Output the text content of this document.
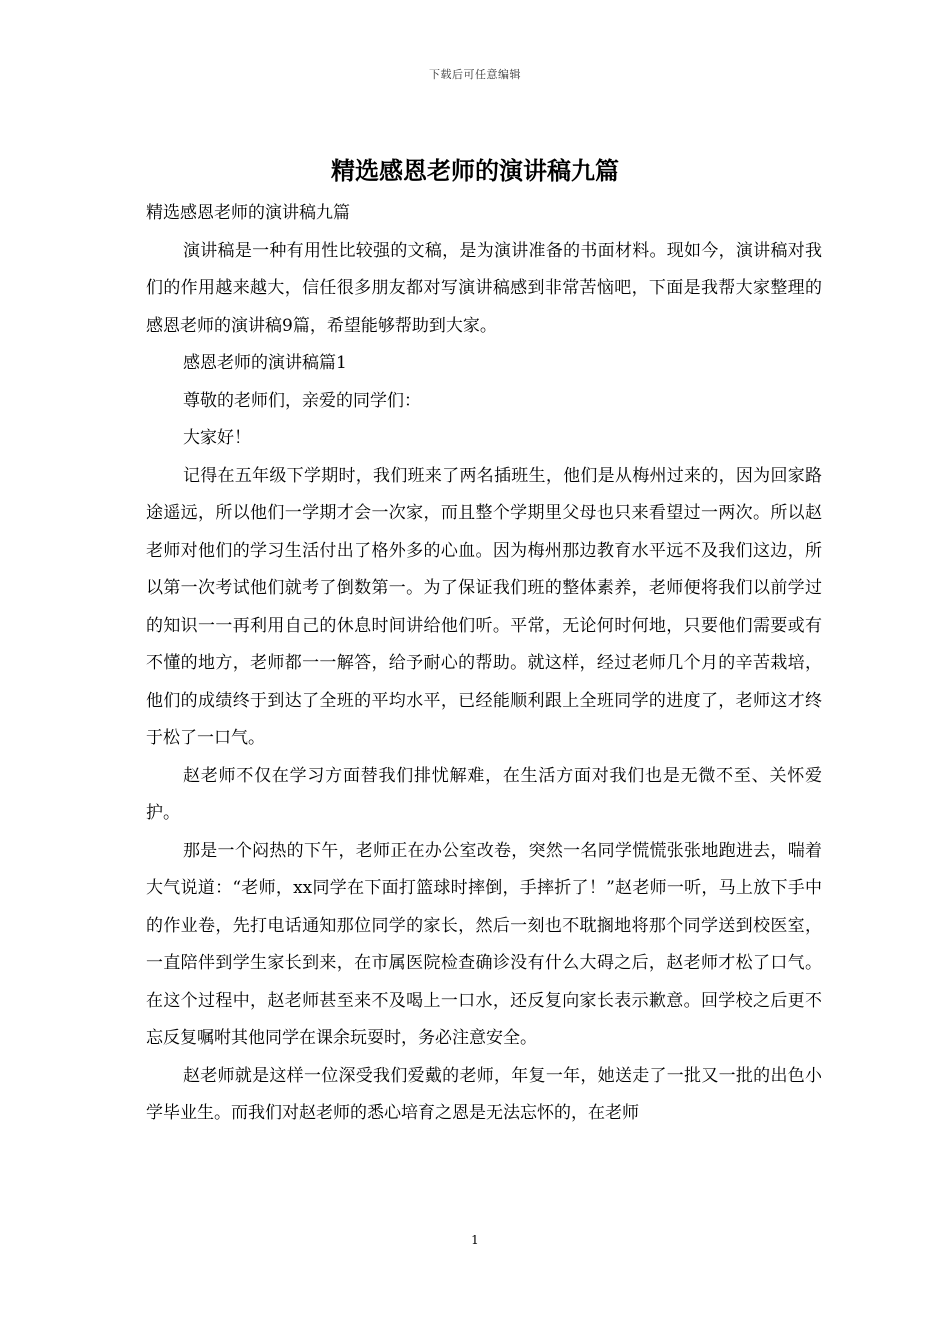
下载后可任意编辑
精选感恩老师的演讲稿九篇

精选感恩老师的演讲稿九篇

演讲稿是一种有用性比较强的文稿，是为演讲准备的书面材料。现如今，演讲稿对我们的作用越来越大，信任很多朋友都对写演讲稿感到非常苦恼吧，下面是我帮大家整理的感恩老师的演讲稿9篇，希望能够帮助到大家。

感恩老师的演讲稿篇1

尊敬的老师们，亲爱的同学们：

大家好！

记得在五年级下学期时，我们班来了两名插班生，他们是从梅州过来的，因为回家路途遥远，所以他们一学期才会一次家，而且整个学期里父母也只来看望过一两次。所以赵老师对他们的学习生活付出了格外多的心血。因为梅州那边教育水平远不及我们这边，所以第一次考试他们就考了倒数第一。为了保证我们班的整体素养，老师便将我们以前学过的知识一一再利用自己的休息时间讲给他们听。平常，无论何时何地，只要他们需要或有不懂的地方，老师都一一解答，给予耐心的帮助。就这样，经过老师几个月的辛苦栽培，他们的成绩终于到达了全班的平均水平，已经能顺利跟上全班同学的进度了，老师这才终于松了一口气。

赵老师不仅在学习方面替我们排忧解难，在生活方面对我们也是无微不至、关怀爱护。

那是一个闷热的下午，老师正在办公室改卷，突然一名同学慌慌张张地跑进去，喘着大气说道：“老师，xx同学在下面打篮球时摔倒，手摔折了！”赵老师一听，马上放下手中的作业卷，先打电话通知那位同学的家长，然后一刻也不耽搁地将那个同学送到校医室，一直陪伴到学生家长到来，在市属医院检查确诊没有什么大碍之后，赵老师才松了口气。在这个过程中，赵老师甚至来不及喝上一口水，还反复向家长表示歉意。回学校之后更不忘反复嘱咐其他同学在课余玩耍时，务必注意安全。

赵老师就是这样一位深受我们爱戴的老师，年复一年，她送走了一批又一批的出色小学毕业生。而我们对赵老师的悉心培育之恩是无法忘怀的，在老师

1
